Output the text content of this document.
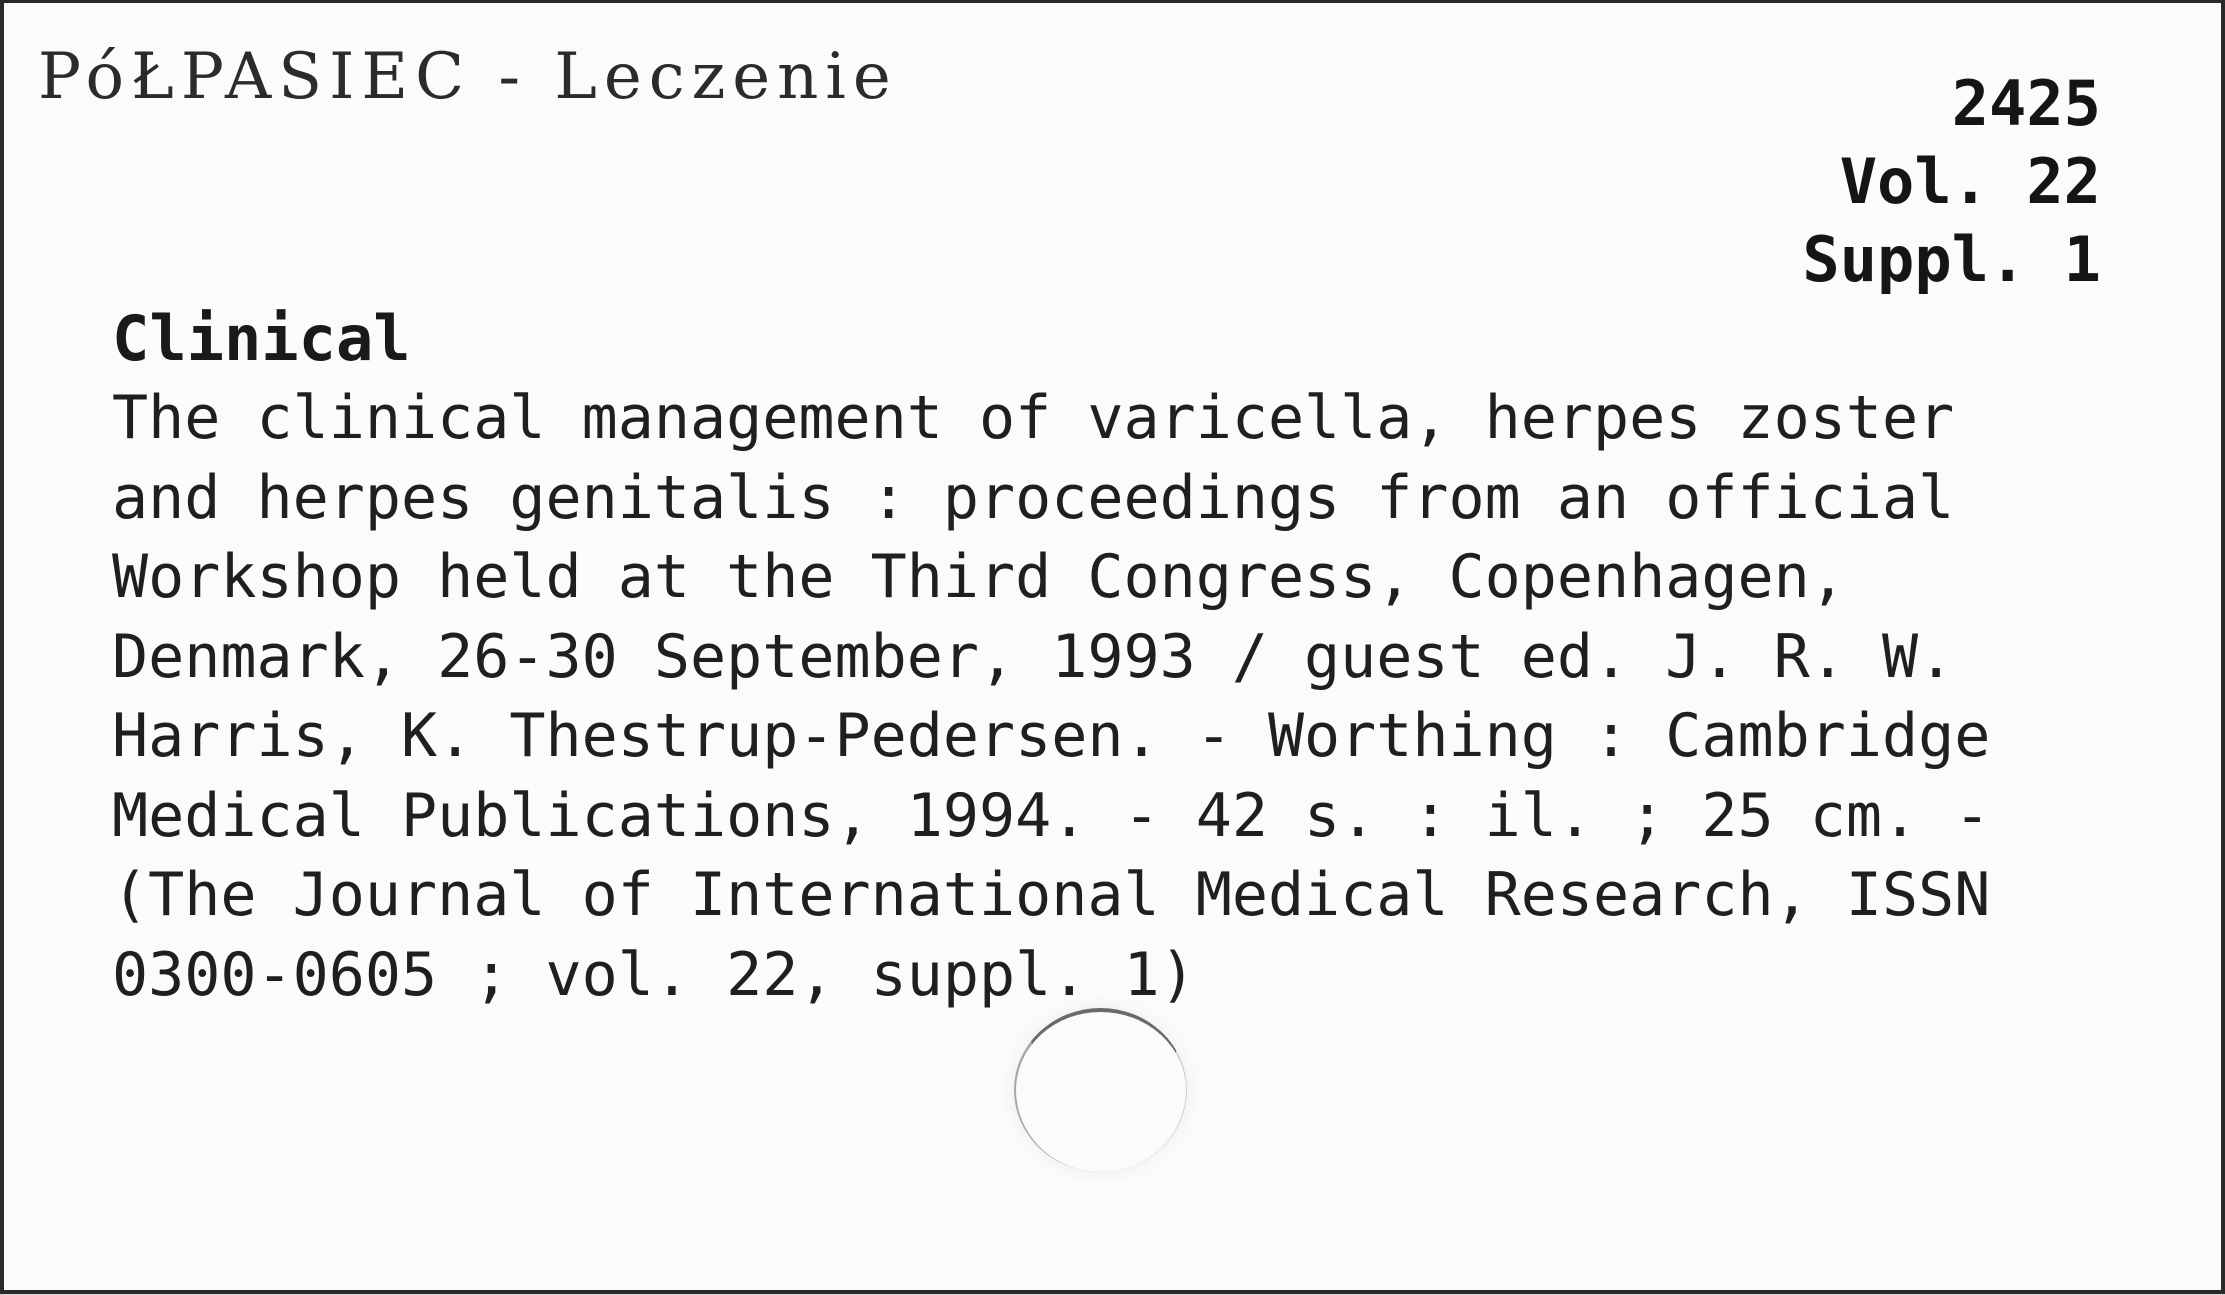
PóŁPASIEC - Leczenie	2425
Vol. 22
Suppl. 1
Clinical
The clinical management of varicella, herpes zoster
and herpes genitalis : proceedings from an official
Workshop held at the Third Congress, Copenhagen,
Denmark, 26-30 September, 1993 / guest ed. J. R. W.
Harris, K. Thestrup-Pedersen. - Worthing : Cambridge
Medical Publications, 1994. - 42 s. : il. ; 25 cm. -
(The Journal of International Medical Research, ISSN
0300-0605 ; vol. 22, suppl. 1)
